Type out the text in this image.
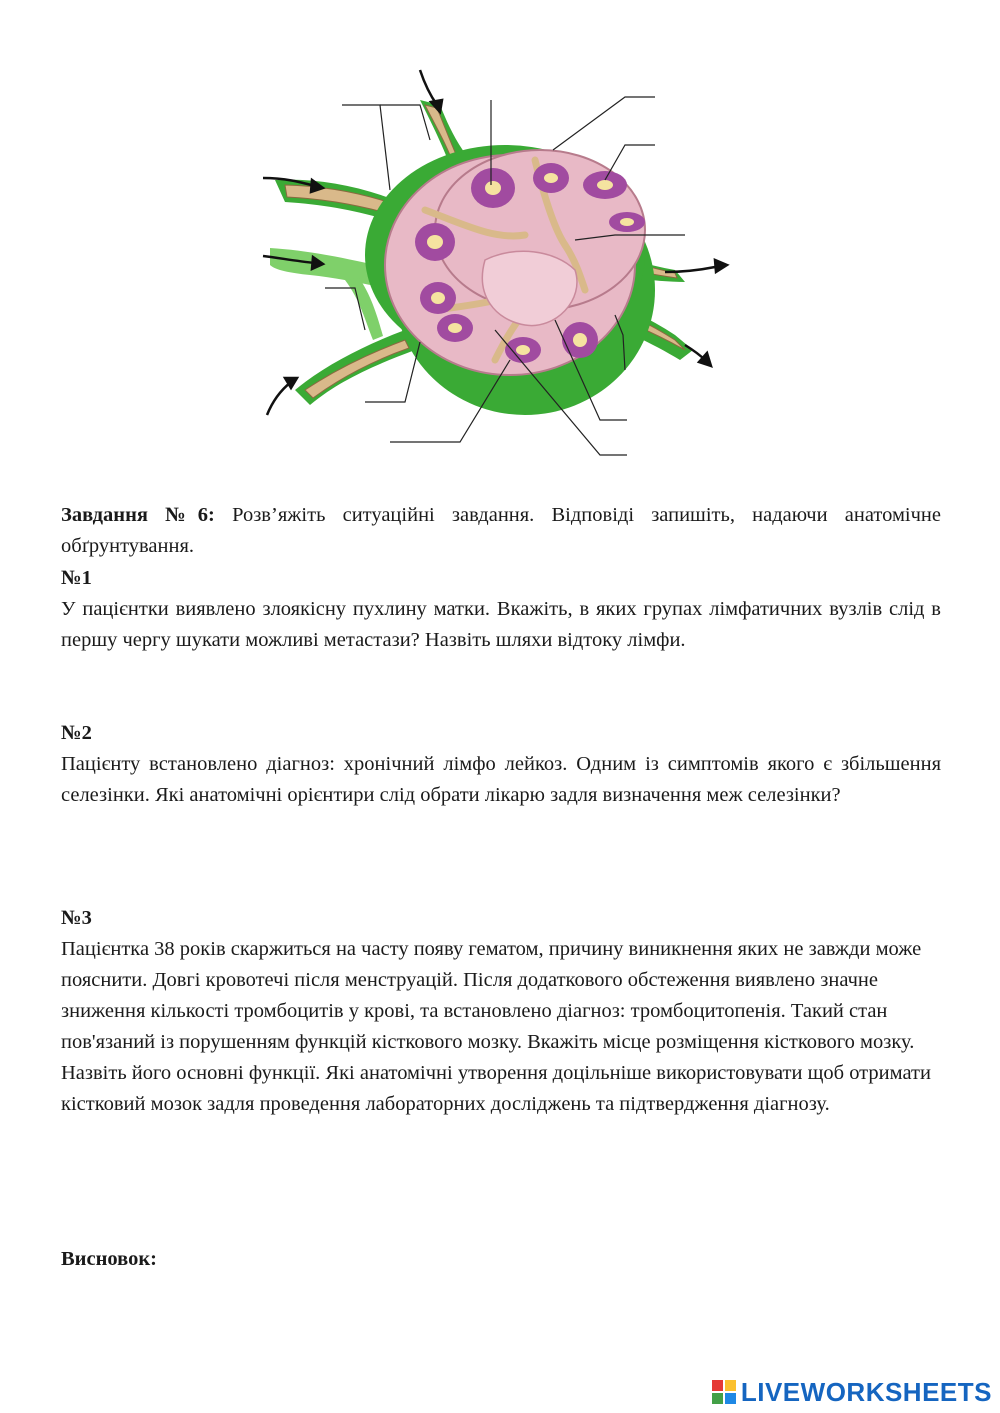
Завдання №6: Розв’яжіть ситуаційні завдання. Відповіді запишіть, надаючи анатомічне обґрунтування.

№1

У пацієнтки виявлено злоякісну пухлину матки. Вкажіть, в яких групах лімфатичних вузлів слід в першу чергу шукати можливі метастази? Назвіть шляхи відтоку лімфи.

№2

Пацієнту встановлено діагноз: хронічний лімфо лейкоз. Одним із симптомів якого є збільшення селезінки. Які анатомічні орієнтири слід обрати лікарю задля визначення меж селезінки?

№3

Пацієнтка 38 років скаржиться на часту появу гематом, причину виникнення яких не завжди може пояснити. Довгі кровотечі після менструацій. Після додаткового обстеження виявлено значне зниження кількості тромбоцитів у крові, та встановлено діагноз: тромбоцитопенія. Такий стан пов'язаний із порушенням функцій кісткового мозку. Вкажіть місце розміщення кісткового мозку. Назвіть його основні функції. Які анатомічні утворення доцільніше використовувати щоб отримати кістковий мозок задля проведення лабораторних досліджень та підтвердження діагнозу.

Висновок:

LIVEWORKSHEETS
